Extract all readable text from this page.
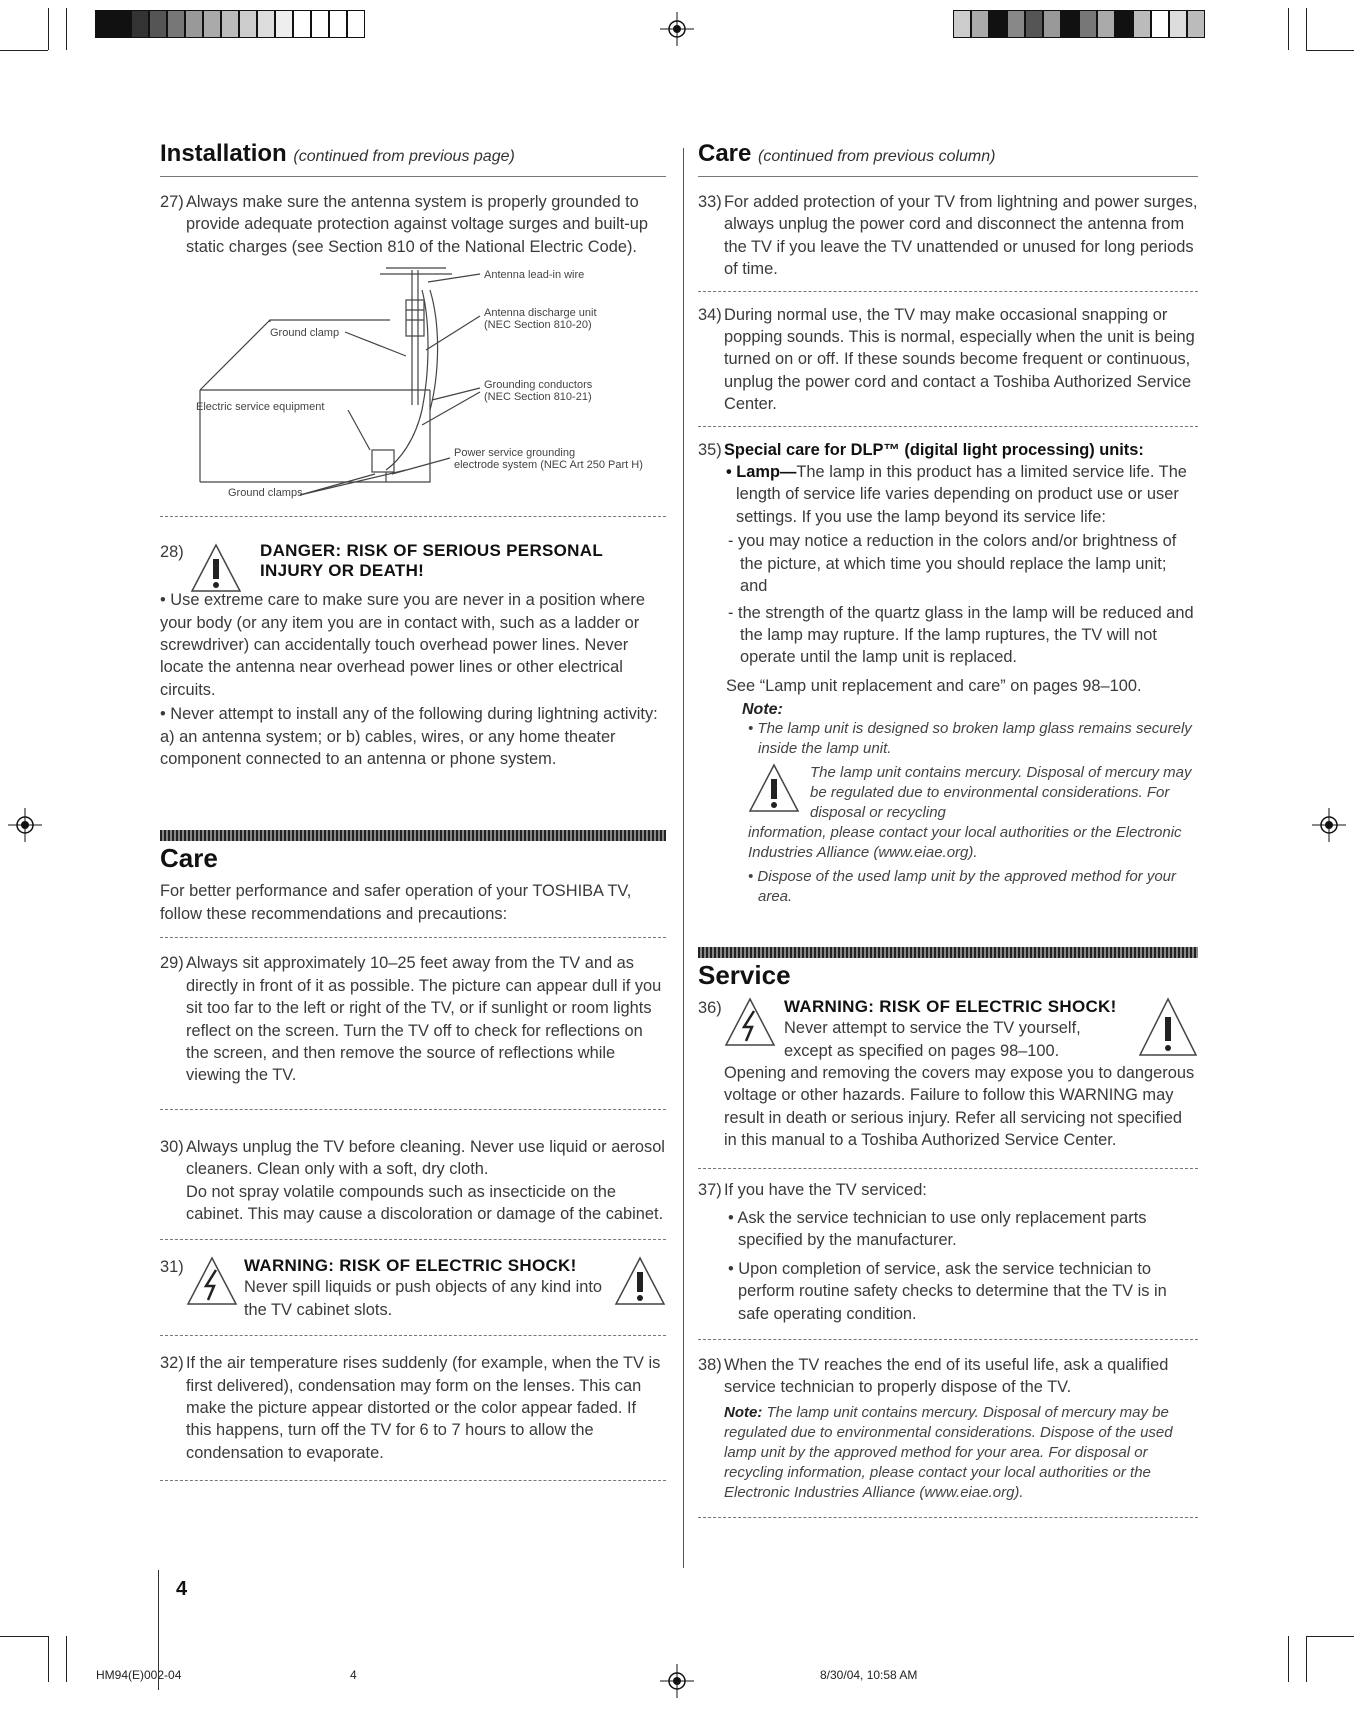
Installation (continued from previous page)
27) Always make sure the antenna system is properly grounded to provide adequate protection against voltage surges and built-up static charges (see Section 810 of the National Electric Code).
Antenna lead-in wire
Antenna discharge unit
(NEC Section 810-20)
Ground clamp
Grounding conductors
(NEC Section 810-21)
Electric service equipment
Power service grounding
electrode system (NEC Art 250 Part H)
Ground clamps
28)	DANGER: RISK OF SERIOUS PERSONAL
INJURY OR DEATH!
• Use extreme care to make sure you are never in a position where your body (or any item you are in contact with, such as a ladder or screwdriver) can accidentally touch overhead power lines. Never locate the antenna near overhead power lines or other electrical circuits.
• Never attempt to install any of the following during lightning activity: a) an antenna system; or b) cables, wires, or any home theater component connected to an antenna or phone system.
Care
For better performance and safer operation of your TOSHIBA TV, follow these recommendations and precautions:
29) Always sit approximately 10–25 feet away from the TV and as directly in front of it as possible. The picture can appear dull if you sit too far to the left or right of the TV, or if sunlight or room lights reflect on the screen. Turn the TV off to check for reflections on the screen, and then remove the source of reflections while viewing the TV.
30) Always unplug the TV before cleaning. Never use liquid or aerosol cleaners. Clean only with a soft, dry cloth.
Do not spray volatile compounds such as insecticide on the cabinet. This may cause a discoloration or damage of the cabinet.
31)	WARNING: RISK OF ELECTRIC SHOCK!
Never spill liquids or push objects of any kind into the TV cabinet slots.
32) If the air temperature rises suddenly (for example, when the TV is first delivered), condensation may form on the lenses. This can make the picture appear distorted or the color appear faded. If this happens, turn off the TV for 6 to 7 hours to allow the condensation to evaporate.
Care (continued from previous column)
33) For added protection of your TV from lightning and power surges, always unplug the power cord and disconnect the antenna from the TV if you leave the TV unattended or unused for long periods of time.
34) During normal use, the TV may make occasional snapping or popping sounds. This is normal, especially when the unit is being turned on or off. If these sounds become frequent or continuous, unplug the power cord and contact a Toshiba Authorized Service Center.
35) Special care for DLP™ (digital light processing) units:
• Lamp—The lamp in this product has a limited service life. The length of service life varies depending on product use or user settings. If you use the lamp beyond its service life:
- you may notice a reduction in the colors and/or brightness of the picture, at which time you should replace the lamp unit; and
- the strength of the quartz glass in the lamp will be reduced and the lamp may rupture. If the lamp ruptures, the TV will not operate until the lamp unit is replaced.
See “Lamp unit replacement and care” on pages 98–100.
Note:
• The lamp unit is designed so broken lamp glass remains securely inside the lamp unit.
The lamp unit contains mercury. Disposal of mercury may be regulated due to environmental considerations. For disposal or recycling
information, please contact your local authorities or the Electronic Industries Alliance (www.eiae.org).
• Dispose of the used lamp unit by the approved method for your area.
Service
36)	WARNING: RISK OF ELECTRIC SHOCK!
Never attempt to service the TV yourself, except as specified on pages 98–100.
Opening and removing the covers may expose you to dangerous voltage or other hazards. Failure to follow this WARNING may result in death or serious injury. Refer all servicing not specified in this manual to a Toshiba Authorized Service Center.
37) If you have the TV serviced:
• Ask the service technician to use only replacement parts specified by the manufacturer.
• Upon completion of service, ask the service technician to perform routine safety checks to determine that the TV is in safe operating condition.
38) When the TV reaches the end of its useful life, ask a qualified service technician to properly dispose of the TV.
Note: The lamp unit contains mercury. Disposal of mercury may be regulated due to environmental considerations. Dispose of the used lamp unit by the approved method for your area. For disposal or recycling information, please contact your local authorities or the Electronic Industries Alliance (www.eiae.org).
4
HM94(E)002-04	4	8/30/04, 10:58 AM
